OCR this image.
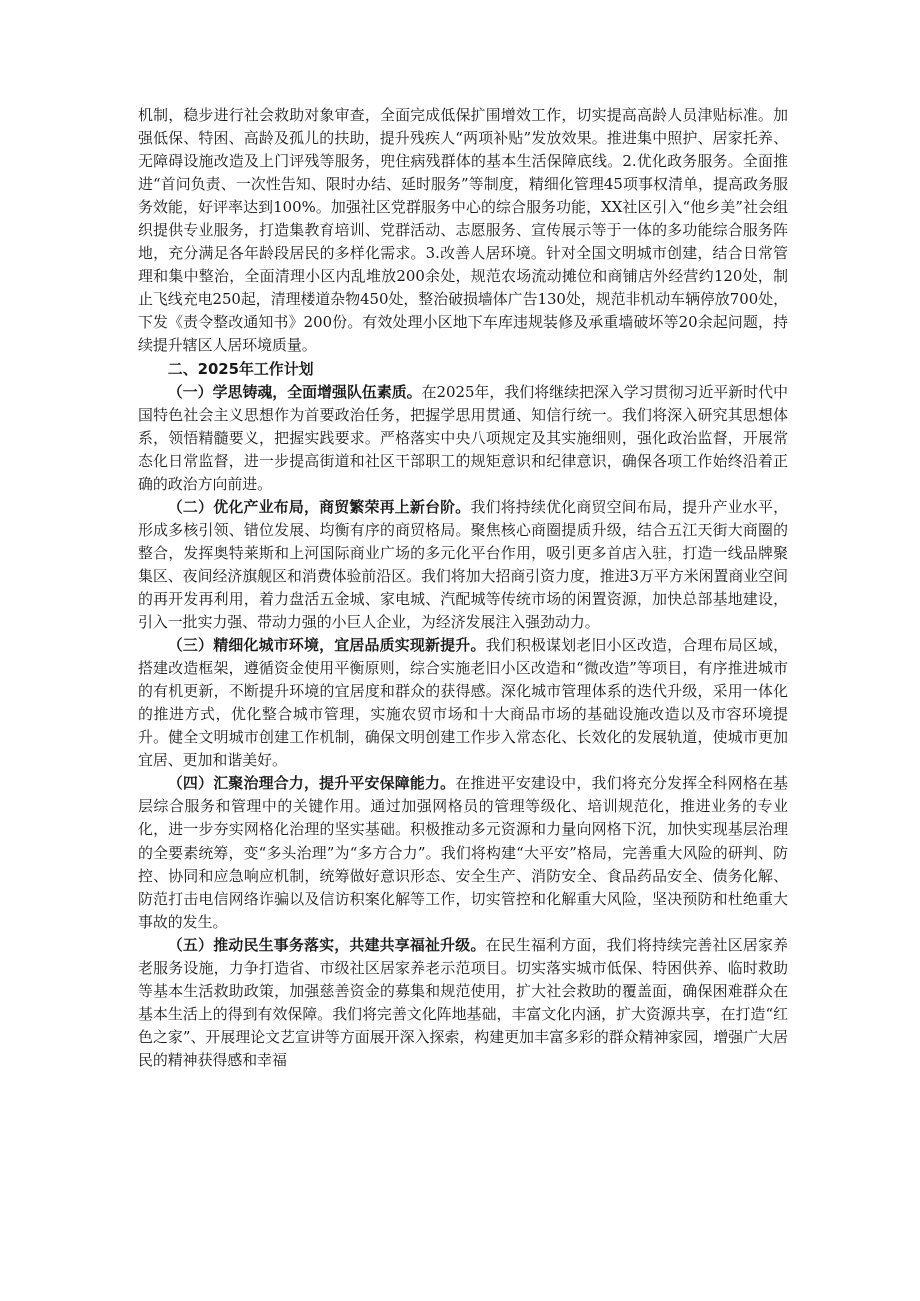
机制，稳步进行社会救助对象审查，全面完成低保扩围增效工作，切实提高高龄人员津贴标准。加强低保、特困、高龄及孤儿的扶助，提升残疾人“两项补贴”发放效果。推进集中照护、居家托养、无障碍设施改造及上门评残等服务，兜住病残群体的基本生活保障底线。2.优化政务服务。全面推进“首问负责、一次性告知、限时办结、延时服务”等制度，精细化管理45项事权清单，提高政务服务效能，好评率达到100%。加强社区党群服务中心的综合服务功能，XX社区引入“他乡美”社会组织提供专业服务，打造集教育培训、党群活动、志愿服务、宣传展示等于一体的多功能综合服务阵地，充分满足各年龄段居民的多样化需求。3.改善人居环境。针对全国文明城市创建，结合日常管理和集中整治，全面清理小区内乱堆放200余处，规范农场流动摊位和商铺店外经营约120处，制止飞线充电250起，清理楼道杂物450处，整治破损墙体广告130处，规范非机动车辆停放700处，下发《责令整改通知书》200份。有效处理小区地下车库违规装修及承重墙破坏等20余起问题，持续提升辖区人居环境质量。

二、2025年工作计划

（一）学思铸魂，全面增强队伍素质。在2025年，我们将继续把深入学习贯彻习近平新时代中国特色社会主义思想作为首要政治任务，把握学思用贯通、知信行统一。我们将深入研究其思想体系，领悟精髓要义，把握实践要求。严格落实中央八项规定及其实施细则，强化政治监督，开展常态化日常监督，进一步提高街道和社区干部职工的规矩意识和纪律意识，确保各项工作始终沿着正确的政治方向前进。

（二）优化产业布局，商贸繁荣再上新台阶。我们将持续优化商贸空间布局，提升产业水平，形成多核引领、错位发展、均衡有序的商贸格局。聚焦核心商圈提质升级，结合五江天街大商圈的整合，发挥奥特莱斯和上河国际商业广场的多元化平台作用，吸引更多首店入驻，打造一线品牌聚集区、夜间经济旗舰区和消费体验前沿区。我们将加大招商引资力度，推进3万平方米闲置商业空间的再开发再利用，着力盘活五金城、家电城、汽配城等传统市场的闲置资源，加快总部基地建设，引入一批实力强、带动力强的小巨人企业，为经济发展注入强劲动力。

（三）精细化城市环境，宜居品质实现新提升。我们积极谋划老旧小区改造，合理布局区域，搭建改造框架，遵循资金使用平衡原则，综合实施老旧小区改造和“微改造”等项目，有序推进城市的有机更新，不断提升环境的宜居度和群众的获得感。深化城市管理体系的迭代升级，采用一体化的推进方式，优化整合城市管理，实施农贸市场和十大商品市场的基础设施改造以及市容环境提升。健全文明城市创建工作机制，确保文明创建工作步入常态化、长效化的发展轨道，使城市更加宜居、更加和谐美好。

（四）汇聚治理合力，提升平安保障能力。在推进平安建设中，我们将充分发挥全科网格在基层综合服务和管理中的关键作用。通过加强网格员的管理等级化、培训规范化，推进业务的专业化，进一步夯实网格化治理的坚实基础。积极推动多元资源和力量向网格下沉，加快实现基层治理的全要素统筹，变“多头治理”为“多方合力”。我们将构建“大平安”格局，完善重大风险的研判、防控、协同和应急响应机制，统筹做好意识形态、安全生产、消防安全、食品药品安全、债务化解、防范打击电信网络诈骗以及信访积案化解等工作，切实管控和化解重大风险，坚决预防和杜绝重大事故的发生。

（五）推动民生事务落实，共建共享福祉升级。在民生福利方面，我们将持续完善社区居家养老服务设施，力争打造省、市级社区居家养老示范项目。切实落实城市低保、特困供养、临时救助等基本生活救助政策，加强慈善资金的募集和规范使用，扩大社会救助的覆盖面，确保困难群众在基本生活上的得到有效保障。我们将完善文化阵地基础，丰富文化内涵，扩大资源共享，在打造“红色之家”、开展理论文艺宣讲等方面展开深入探索，构建更加丰富多彩的群众精神家园，增强广大居民的精神获得感和幸福
